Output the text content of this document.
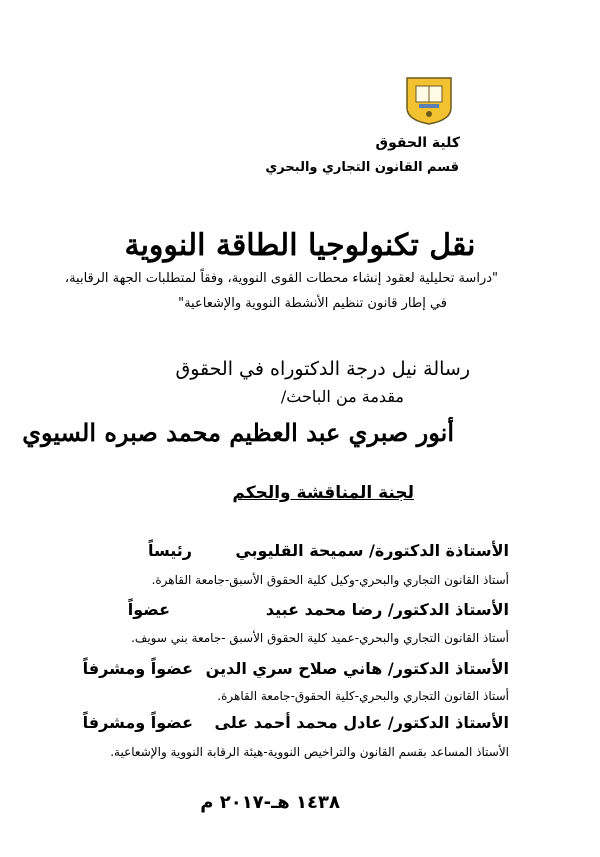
كلية الحقوق
قسم القانون التجاري والبحري
نقل تكنولوجيا الطاقة النووية
"دراسة تحليلية لعقود إنشاء محطات القوى النووية، وفقاً لمتطلبات الجهة الرقابية،
في إطار قانون تنظيم الأنشطة النووية والإشعاعية"
رسالة نيل درجة الدكتوراه في الحقوق
مقدمة من الباحث/
أنور صبري عبد العظيم محمد صبره السيوي
لجنة المناقشة والحكم
الأستاذة الدكتورة/ سميحة القليوبي
رئيساً
أستاذ القانون التجاري والبحري-وكيل كلية الحقوق الأسبق-جامعة القاهرة.
الأستاذ الدكتور/ رضا محمد عبيد
عضواً
أستاذ القانون التجاري والبحري-عميد كلية الحقوق الأسبق -جامعة بني سويف.
الأستاذ الدكتور/ هاني صلاح سري الدين
عضواً ومشرفاً
أستاذ القانون التجاري والبحري-كلية الحقوق-جامعة القاهرة.
الأستاذ الدكتور/ عادل محمد أحمد على
عضواً ومشرفاً
الأستاذ المساعد بقسم القانون والتراخيص النووية-هيئة الرقابة النووية والإشعاعية.
١٤٣٨ هـ-٢٠١٧ م
